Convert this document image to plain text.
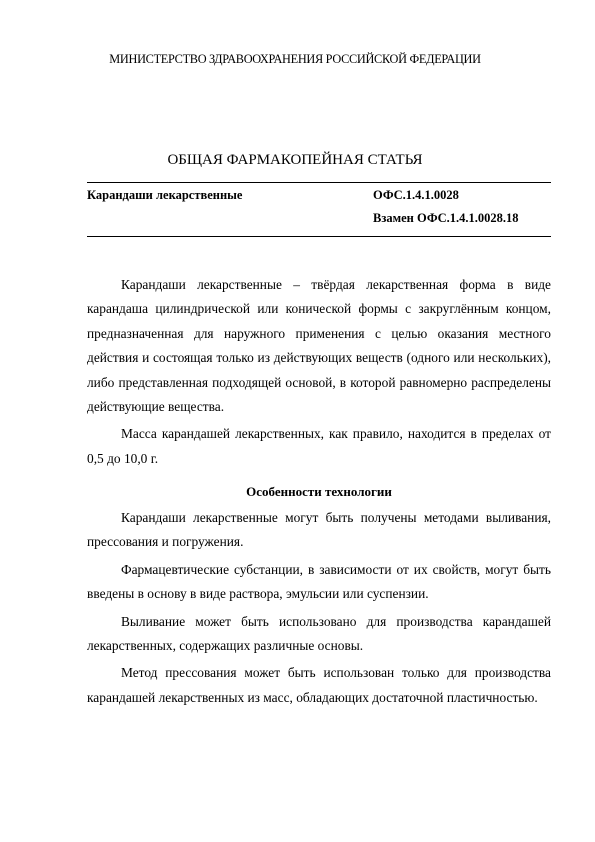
МИНИСТЕРСТВО ЗДРАВООХРАНЕНИЯ РОССИЙСКОЙ ФЕДЕРАЦИИ
ОБЩАЯ ФАРМАКОПЕЙНАЯ СТАТЬЯ
Карандаши лекарственные	ОФС.1.4.1.0028
Взамен ОФС.1.4.1.0028.18

Карандаши лекарственные – твёрдая лекарственная форма в виде карандаша цилиндрической или конической формы с закруглённым концом, предназначенная для наружного применения с целью оказания местного действия и состоящая только из действующих веществ (одного или нескольких), либо представленная подходящей основой, в которой равномерно распределены действующие вещества.

Масса карандашей лекарственных, как правило, находится в пределах от 0,5 до 10,0 г.

Особенности технологии

Карандаши лекарственные могут быть получены методами выливания, прессования и погружения.

Фармацевтические субстанции, в зависимости от их свойств, могут быть введены в основу в виде раствора, эмульсии или суспензии.

Выливание может быть использовано для производства карандашей лекарственных, содержащих различные основы.

Метод прессования может быть использован только для производства карандашей лекарственных из масс, обладающих достаточной пластичностью.
